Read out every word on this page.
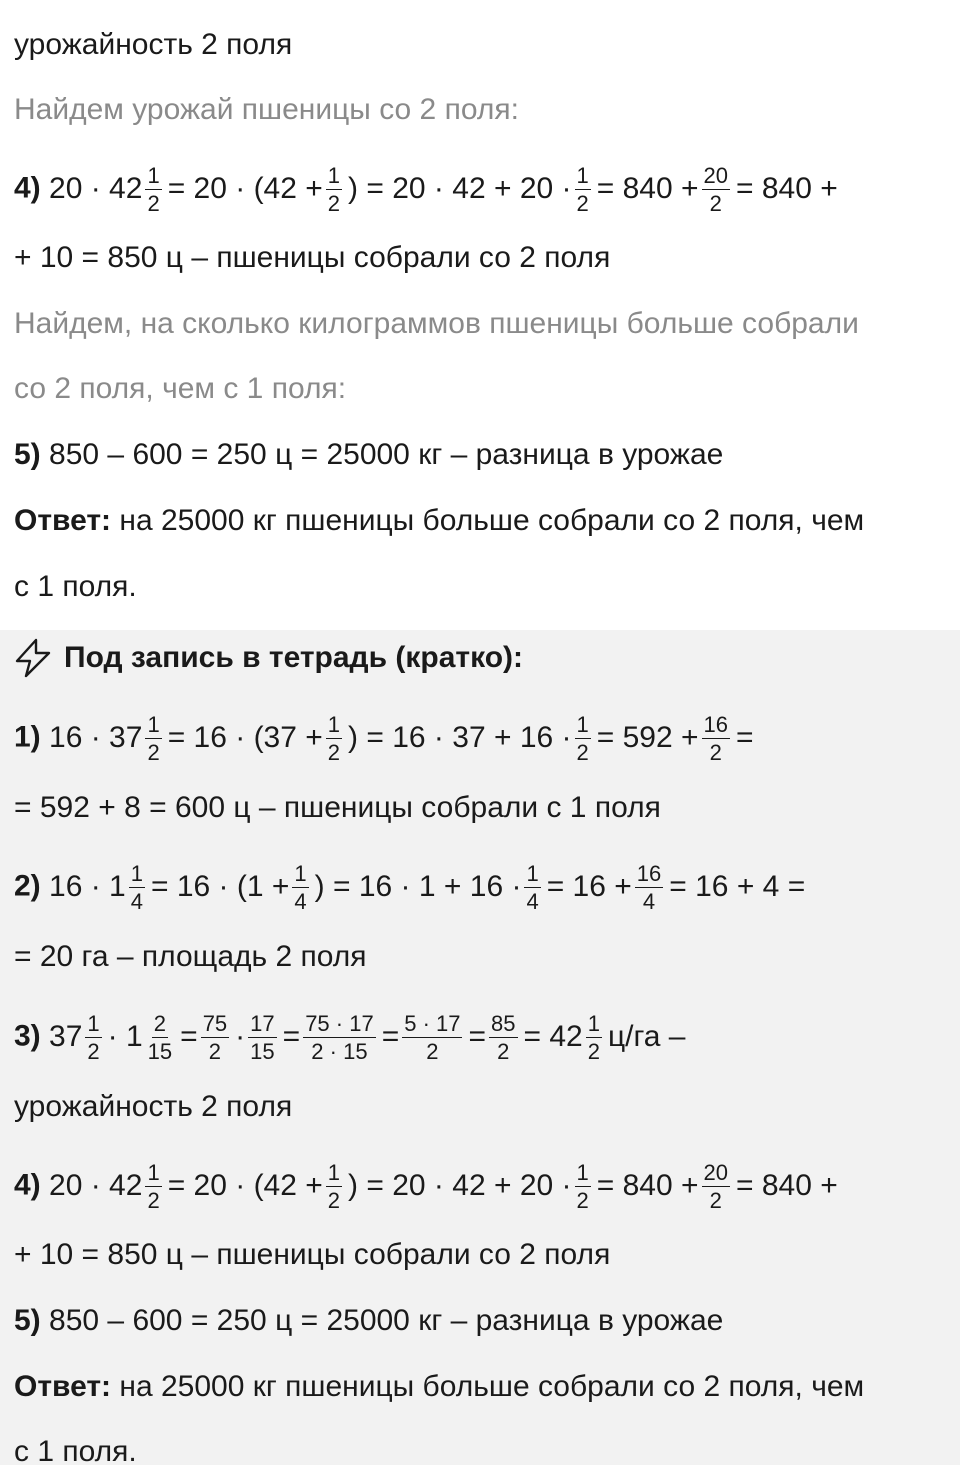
урожайность 2 поля
Найдем урожай пшеницы со 2 поля:
4) $20 \cdot 42 \frac{1}{2} = 20 \cdot (42 + \frac{1}{2}$ ) = $20 \cdot 42 + 20 \cdot \frac{1}{2} = 840 + \frac{20}{2} = 840$ +
+ 10 = 850 ц – пшеницы собрали со 2 поля
Найдем, на сколько килограммов пшеницы больше собрали
со 2 поля, чем с 1 поля:
5) 850 – 600 = 250 ц = 25000 кг – разница в урожае
Ответ: на 25000 кг пшеницы больше собрали со 2 поля, чем
с 1 поля.
Под запись в тетрадь (кратко):
1) $16 \cdot 37 \frac{1}{2} = 16 \cdot (37 + \frac{1}{2}$ ) = $16 \cdot 37 + 16 \cdot \frac{1}{2} = 592 + \frac{16}{2}$ =
= 592 + 8 = 600 ц – пшеницы собрали с 1 поля
2) $16 \cdot 1 \frac{1}{4} = 16 \cdot (1 + \frac{1}{4}$ ) = $16 \cdot 1 + 16 \cdot \frac{1}{4} = 16 + \frac{16}{4} = 16 + 4$ =
= 20 га – площадь 2 поля
3) $37 \frac{1}{2} \cdot 1 \frac{2}{15} = \frac{75}{2} \cdot \frac{17}{15} = \frac{75 \cdot 17}{2 \cdot 15} = \frac{5 \cdot 17}{2} = \frac{85}{2} = 42 \frac{1}{2} ц/га$ –
урожайность 2 поля
4) $20 \cdot 42 \frac{1}{2} = 20 \cdot (42 + \frac{1}{2}$ ) = $20 \cdot 42 + 20 \cdot \frac{1}{2} = 840 + \frac{20}{2} = 840$ +
+ 10 = 850 ц – пшеницы собрали со 2 поля
5) 850 – 600 = 250 ц = 25000 кг – разница в урожае
Ответ: на 25000 кг пшеницы больше собрали со 2 поля, чем
с 1 поля.
